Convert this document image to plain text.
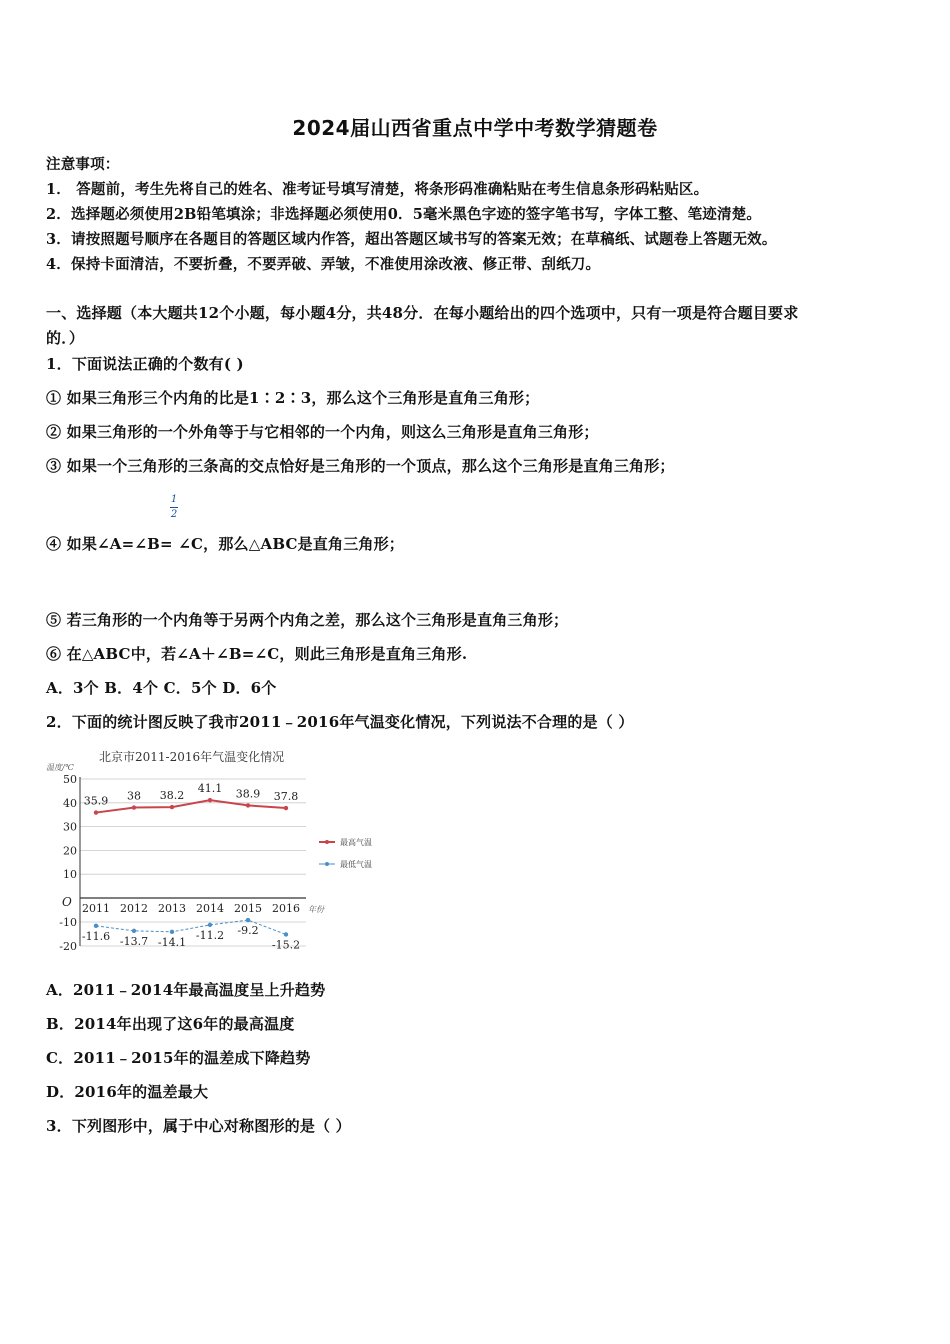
2024届山西省重点中学中考数学猜题卷
注意事项：
1． 答题前，考生先将自己的姓名、准考证号填写清楚，将条形码准确粘贴在考生信息条形码粘贴区。
2．选择题必须使用2B铅笔填涂；非选择题必须使用0．5毫米黑色字迹的签字笔书写，字体工整、笔迹清楚。
3．请按照题号顺序在各题目的答题区域内作答，超出答题区域书写的答案无效；在草稿纸、试题卷上答题无效。
4．保持卡面清洁，不要折叠，不要弄破、弄皱，不准使用涂改液、修正带、刮纸刀。
一、选择题（本大题共12个小题，每小题4分，共48分．在每小题给出的四个选项中，只有一项是符合题目要求
的．）
1．下面说法正确的个数有( )
① 如果三角形三个内角的比是1∶2∶3，那么这个三角形是直角三角形；
② 如果三角形的一个外角等于与它相邻的一个内角，则这么三角形是直角三角形；
③ 如果一个三角形的三条高的交点恰好是三角形的一个顶点，那么这个三角形是直角三角形；
1
2
④ 如果∠A=∠B= ∠C，那么△ABC是直角三角形；
⑤ 若三角形的一个内角等于另两个内角之差，那么这个三角形是直角三角形；
⑥ 在△ABC中，若∠A＋∠B=∠C，则此三角形是直角三角形.
A．3个 B．4个 C．5个 D．6个
2．下面的统计图反映了我市2011﹣2016年气温变化情况，下列说法不合理的是（ ）
北京市2011-2016年气温变化情况
温度/℃
年份
O
50
40
30
20
10
-10
-20
2011 2012 2013 2014 2015 2016
35.9 38 38.2
41.1 38.9 37.8
-11.6 -13.7 -14.1
-11.2 -9.2
-15.2
最高气温
最低气温
A．2011﹣2014年最高温度呈上升趋势
B．2014年出现了这6年的最高温度
C．2011﹣2015年的温差成下降趋势
D．2016年的温差最大
3．下列图形中，属于中心对称图形的是（ ）
